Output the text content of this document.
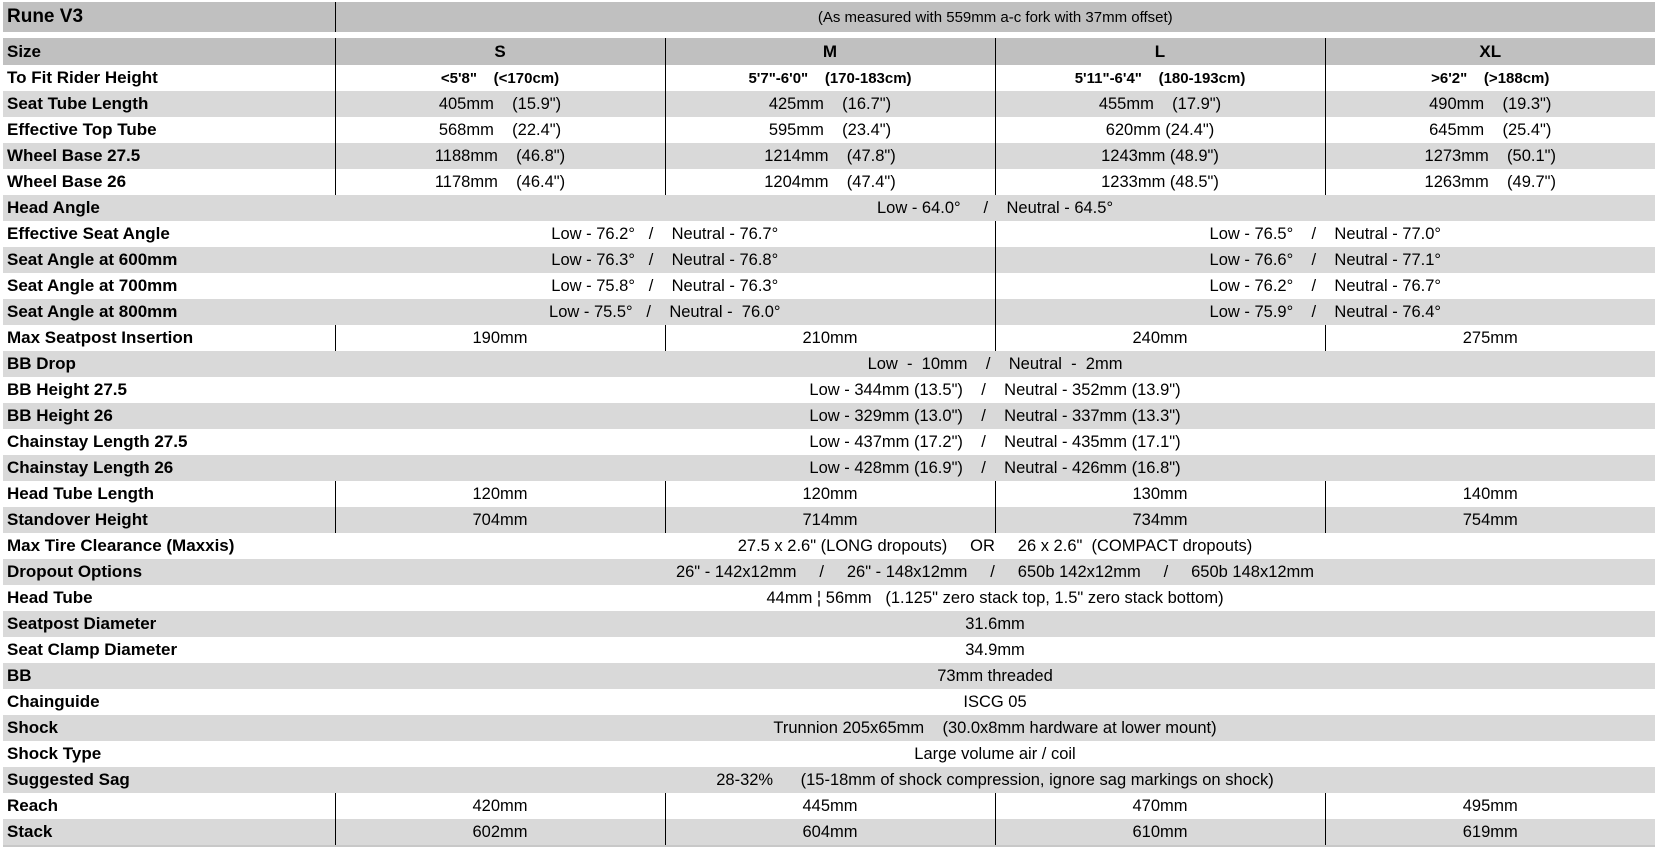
Rune V3	(As measured with 559mm a-c fork with 37mm offset)			

Size	S	M	L	XL
To Fit Rider Height	<5'8"    (<170cm)	5'7"-6'0"    (170-183cm)	5'11"-6'4"    (180-193cm)	>6'2"    (>188cm)
Seat Tube Length	405mm    (15.9")	425mm    (16.7")	455mm    (17.9")	490mm    (19.3")
Effective Top Tube	568mm    (22.4")	595mm    (23.4")	620mm (24.4")	645mm    (25.4")
Wheel Base 27.5	1188mm    (46.8")	1214mm    (47.8")	1243mm (48.9")	1273mm    (50.1")
Wheel Base 26	1178mm    (46.4")	1204mm    (47.4")	1233mm (48.5")	1263mm    (49.7")
Head Angle	Low - 64.0°     /    Neutral - 64.5°			
Effective Seat Angle	Low - 76.2°   /    Neutral - 76.7°		Low - 76.5°    /    Neutral - 77.0°	
Seat Angle at 600mm	Low - 76.3°   /    Neutral - 76.8°		Low - 76.6°    /    Neutral - 77.1°	
Seat Angle at 700mm	Low - 75.8°   /    Neutral - 76.3°		Low - 76.2°    /    Neutral - 76.7°	
Seat Angle at 800mm	Low - 75.5°   /    Neutral -  76.0°		Low - 75.9°    /    Neutral - 76.4°	
Max Seatpost Insertion	190mm	210mm	240mm	275mm
BB Drop	Low  -  10mm    /    Neutral  -  2mm			
BB Height 27.5	Low - 344mm (13.5")    /    Neutral - 352mm (13.9")			
BB Height 26	Low - 329mm (13.0")    /    Neutral - 337mm (13.3")			
Chainstay Length 27.5	Low - 437mm (17.2")    /    Neutral - 435mm (17.1")			
Chainstay Length 26	Low - 428mm (16.9")    /    Neutral - 426mm (16.8")			
Head Tube Length	120mm	120mm	130mm	140mm
Standover Height	704mm	714mm	734mm	754mm
Max Tire Clearance (Maxxis)	27.5 x 2.6" (LONG dropouts)     OR     26 x 2.6"  (COMPACT dropouts)			
Dropout Options	26" - 142x12mm     /     26" - 148x12mm     /     650b 142x12mm     /     650b 148x12mm			
Head Tube	44mm ¦ 56mm   (1.125" zero stack top, 1.5" zero stack bottom)			
Seatpost Diameter	31.6mm			
Seat Clamp Diameter	34.9mm			
BB	73mm threaded			
Chainguide	ISCG 05			
Shock	Trunnion 205x65mm    (30.0x8mm hardware at lower mount)			
Shock Type	Large volume air / coil			
Suggested Sag	28-32%      (15-18mm of shock compression, ignore sag markings on shock)			
Reach	420mm	445mm	470mm	495mm
Stack	602mm	604mm	610mm	619mm
